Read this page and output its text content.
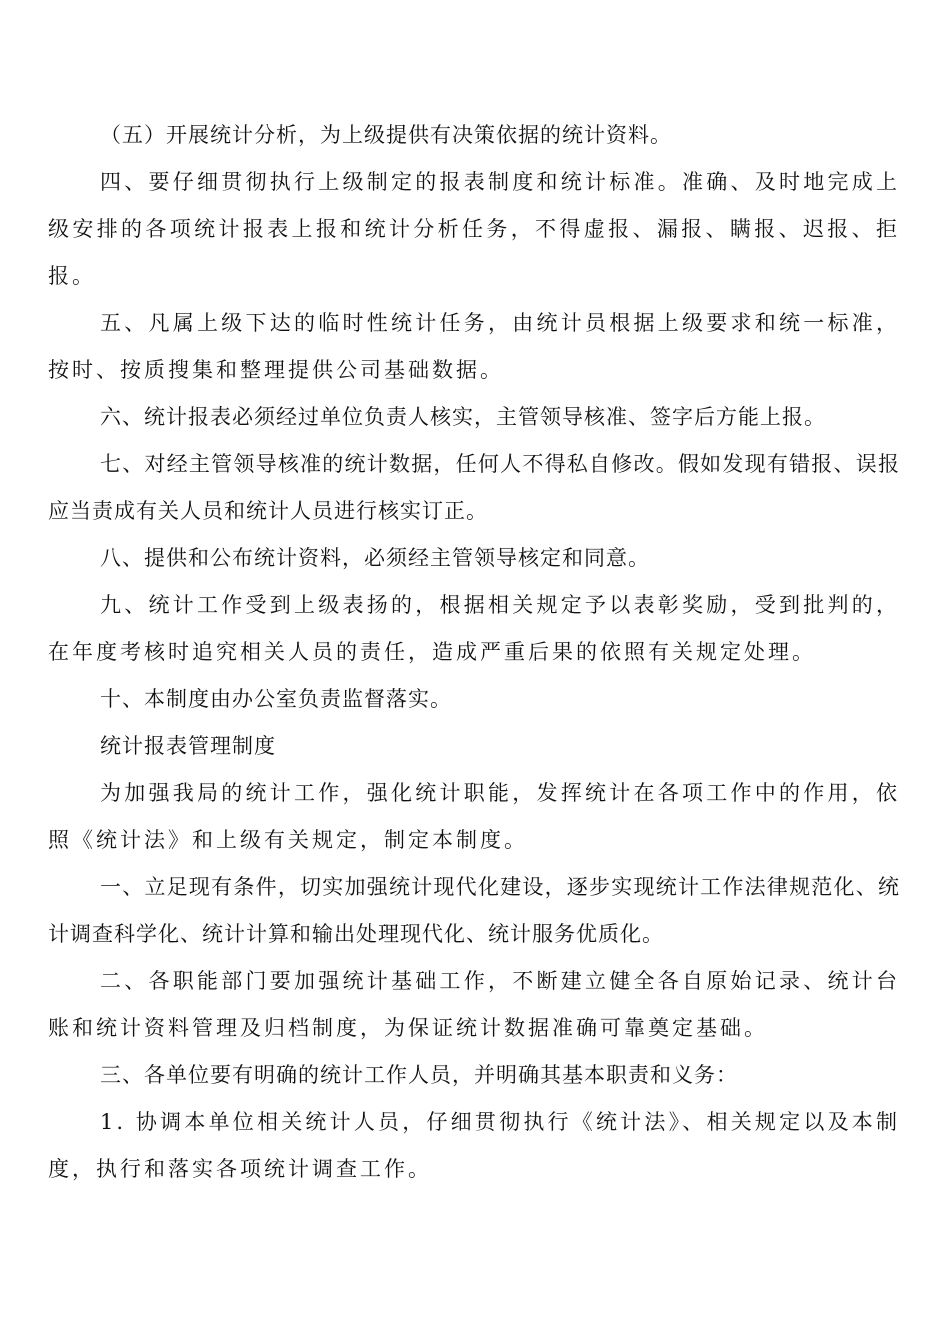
（五）开展统计分析，为上级提供有决策依据的统计资料。

四、要仔细贯彻执行上级制定的报表制度和统计标准。准确、及时地完成上级安排的各项统计报表上报和统计分析任务，不得虚报、漏报、瞒报、迟报、拒报。

五、凡属上级下达的临时性统计任务，由统计员根据上级要求和统一标准，按时、按质搜集和整理提供公司基础数据。

六、统计报表必须经过单位负责人核实，主管领导核准、签字后方能上报。

七、对经主管领导核准的统计数据，任何人不得私自修改。假如发现有错报、误报应当责成有关人员和统计人员进行核实订正。

八、提供和公布统计资料，必须经主管领导核定和同意。

九、统计工作受到上级表扬的，根据相关规定予以表彰奖励，受到批判的，在年度考核时追究相关人员的责任，造成严重后果的依照有关规定处理。

十、本制度由办公室负责监督落实。

统计报表管理制度

为加强我局的统计工作，强化统计职能，发挥统计在各项工作中的作用，依照《统计法》和上级有关规定，制定本制度。

一、立足现有条件，切实加强统计现代化建设，逐步实现统计工作法律规范化、统计调查科学化、统计计算和输出处理现代化、统计服务优质化。

二、各职能部门要加强统计基础工作，不断建立健全各自原始记录、统计台账和统计资料管理及归档制度，为保证统计数据准确可靠奠定基础。

三、各单位要有明确的统计工作人员，并明确其基本职责和义务：

1. 协调本单位相关统计人员，仔细贯彻执行《统计法》、相关规定以及本制度，执行和落实各项统计调查工作。
